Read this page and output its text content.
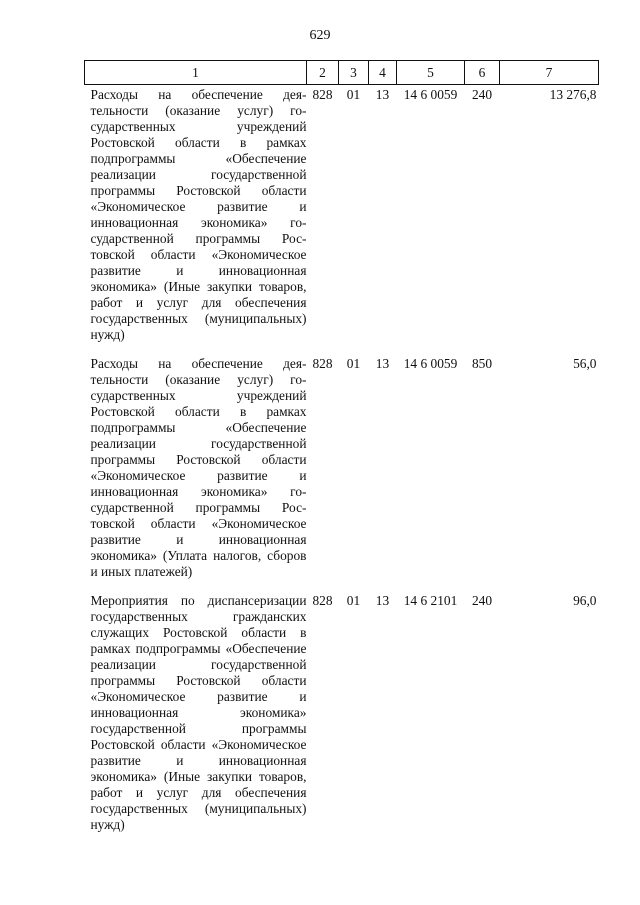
629
1	2	3	4	5	6	7

Расходы на обеспечение деятельности (оказание услуг) государственных учреждений Ростовской области в рамках подпрограммы «Обеспечение реализации государственной программы Ростовской области «Экономическое развитие и инновационная экономика» государственной программы Ростовской области «Экономическое развитие и инновационная экономика» (Иные закупки товаров, работ и услуг для обеспечения государственных (муниципальных) нужд)	828	01	13	14 6 0059	240	13 276,8

Расходы на обеспечение деятельности (оказание услуг) государственных учреждений Ростовской области в рамках подпрограммы «Обеспечение реализации государственной программы Ростовской области «Экономическое развитие и инновационная экономика» государственной программы Ростовской области «Экономическое развитие и инновационная экономика» (Уплата налогов, сборов и иных платежей)	828	01	13	14 6 0059	850	56,0

Мероприятия по диспансеризaции государственных гражданских служащих Ростовской области в рамках подпрограммы «Обеспечение реализации государственной программы Ростовской области «Экономическое развитие и инновационная экономика» государственной программы Ростовской области «Экономическое развитие и инновационная экономика» (Иные закупки товаров, работ и услуг для обеспечения государственных (муниципальных) нужд)	828	01	13	14 6 2101	240	96,0
